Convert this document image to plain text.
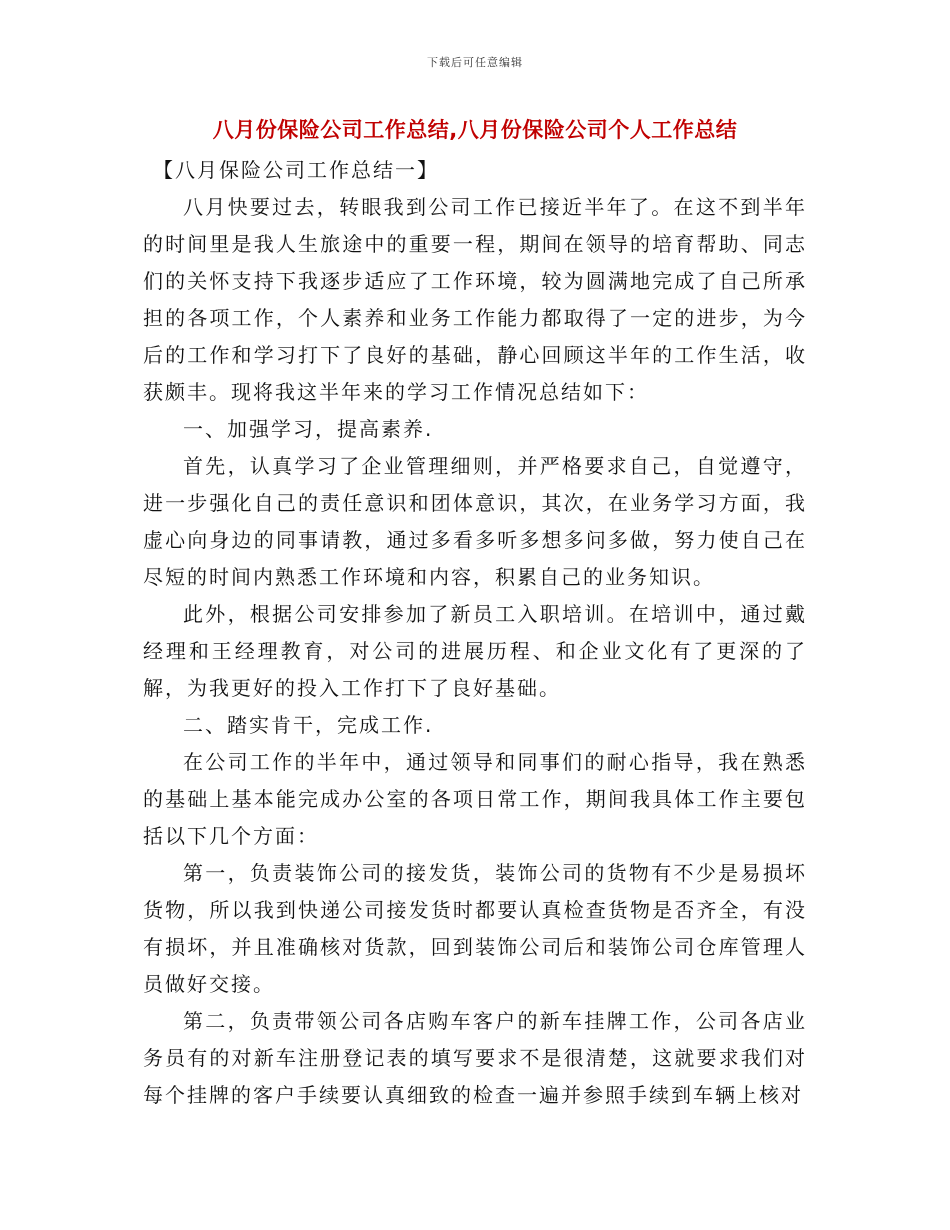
下载后可任意编辑
八月份保险公司工作总结,八月份保险公司个人工作总结

【八月保险公司工作总结一】

八月快要过去，转眼我到公司工作已接近半年了。在这不到半年的时间里是我人生旅途中的重要一程，期间在领导的培育帮助、同志们的关怀支持下我逐步适应了工作环境，较为圆满地完成了自己所承担的各项工作，个人素养和业务工作能力都取得了一定的进步，为今后的工作和学习打下了良好的基础，静心回顾这半年的工作生活，收获颇丰。现将我这半年来的学习工作情况总结如下：

一、加强学习，提高素养.

首先，认真学习了企业管理细则，并严格要求自己，自觉遵守，进一步强化自己的责任意识和团体意识，其次，在业务学习方面，我虚心向身边的同事请教，通过多看多听多想多问多做，努力使自己在尽短的时间内熟悉工作环境和内容，积累自己的业务知识。

此外，根据公司安排参加了新员工入职培训。在培训中，通过戴经理和王经理教育，对公司的进展历程、和企业文化有了更深的了解，为我更好的投入工作打下了良好基础。

二、踏实肯干，完成工作.

在公司工作的半年中，通过领导和同事们的耐心指导，我在熟悉的基础上基本能完成办公室的各项日常工作，期间我具体工作主要包括以下几个方面：

第一，负责装饰公司的接发货，装饰公司的货物有不少是易损坏货物，所以我到快递公司接发货时都要认真检查货物是否齐全，有没有损坏，并且准确核对货款，回到装饰公司后和装饰公司仓库管理人员做好交接。

第二，负责带领公司各店购车客户的新车挂牌工作，公司各店业务员有的对新车注册登记表的填写要求不是很清楚，这就要求我们对每个挂牌的客户手续要认真细致的检查一遍并参照手续到车辆上核对
